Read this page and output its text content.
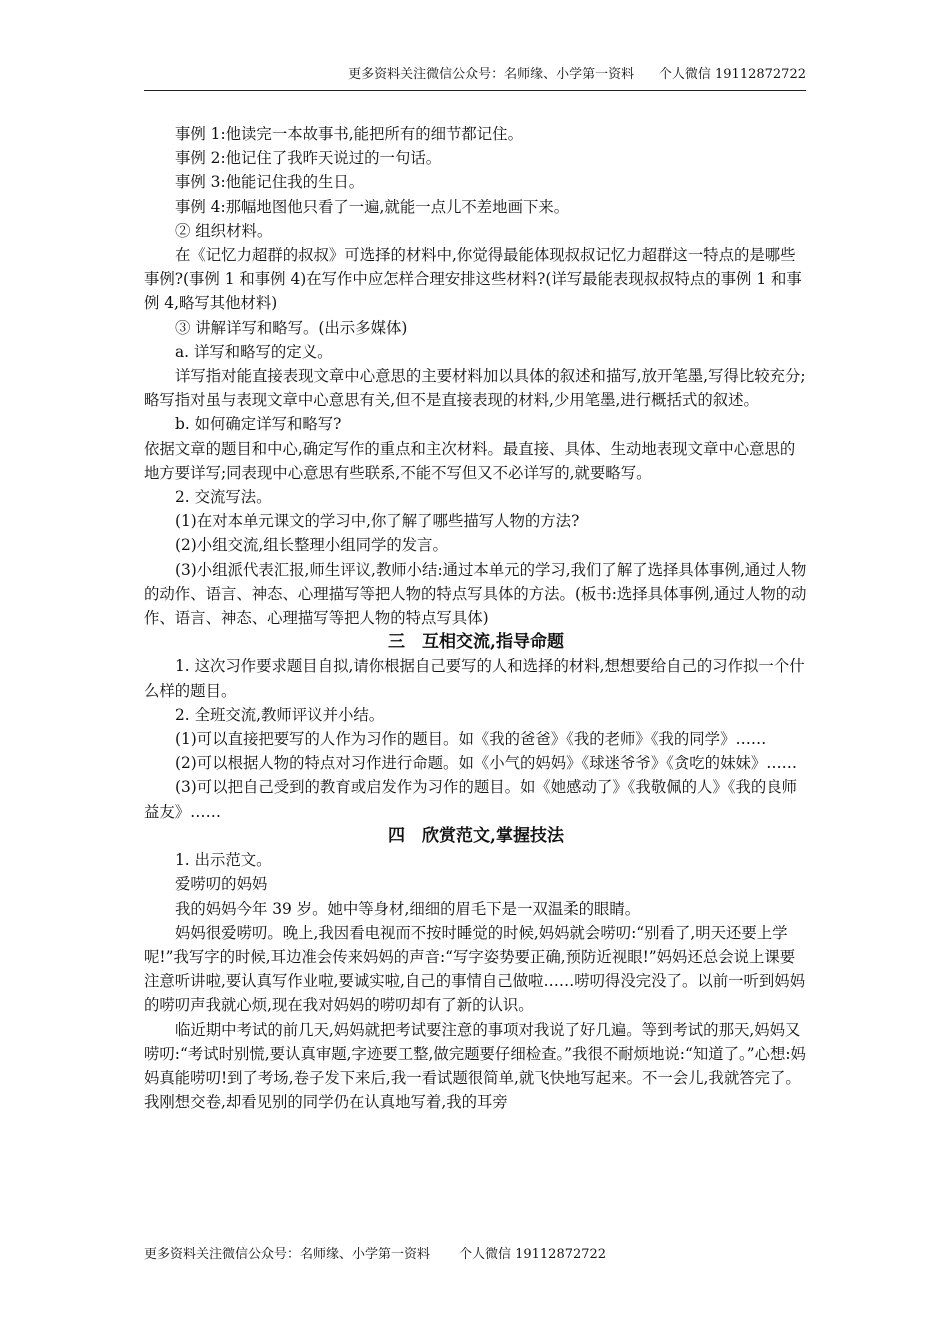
更多资料关注微信公众号：名师缘、小学第一资料 个人微信 19112872722

事例 1:他读完一本故事书,能把所有的细节都记住。

事例 2:他记住了我昨天说过的一句话。

事例 3:他能记住我的生日。

事例 4:那幅地图他只看了一遍,就能一点儿不差地画下来。

② 组织材料。

在《记忆力超群的叔叔》可选择的材料中,你觉得最能体现叔叔记忆力超群这一特点的是哪些事例?(事例 1 和事例 4)在写作中应怎样合理安排这些材料?(详写最能表现叔叔特点的事例 1 和事例 4,略写其他材料)

③ 讲解详写和略写。(出示多媒体)

a. 详写和略写的定义。

详写指对能直接表现文章中心意思的主要材料加以具体的叙述和描写,放开笔墨,写得比较充分;略写指对虽与表现文章中心意思有关,但不是直接表现的材料,少用笔墨,进行概括式的叙述。

b. 如何确定详写和略写?

依据文章的题目和中心,确定写作的重点和主次材料。最直接、具体、生动地表现文章中心意思的地方要详写;同表现中心意思有些联系,不能不写但又不必详写的,就要略写。

2. 交流写法。

(1)在对本单元课文的学习中,你了解了哪些描写人物的方法?

(2)小组交流,组长整理小组同学的发言。

(3)小组派代表汇报,师生评议,教师小结:通过本单元的学习,我们了解了选择具体事例,通过人物的动作、语言、神态、心理描写等把人物的特点写具体的方法。(板书:选择具体事例,通过人物的动作、语言、神态、心理描写等把人物的特点写具体)

三　互相交流,指导命题

1. 这次习作要求题目自拟,请你根据自己要写的人和选择的材料,想想要给自己的习作拟一个什么样的题目。

2. 全班交流,教师评议并小结。

(1)可以直接把要写的人作为习作的题目。如《我的爸爸》《我的老师》《我的同学》……

(2)可以根据人物的特点对习作进行命题。如《小气的妈妈》《球迷爷爷》《贪吃的妹妹》……

(3)可以把自己受到的教育或启发作为习作的题目。如《她感动了》《我敬佩的人》《我的良师益友》……

四　欣赏范文,掌握技法

1. 出示范文。

爱唠叨的妈妈

我的妈妈今年 39 岁。她中等身材,细细的眉毛下是一双温柔的眼睛。

妈妈很爱唠叨。晚上,我因看电视而不按时睡觉的时候,妈妈就会唠叨:“别看了,明天还要上学呢!”我写字的时候,耳边准会传来妈妈的声音:“写字姿势要正确,预防近视眼!”妈妈还总会说上课要注意听讲啦,要认真写作业啦,要诚实啦,自己的事情自己做啦……唠叨得没完没了。以前一听到妈妈的唠叨声我就心烦,现在我对妈妈的唠叨却有了新的认识。

临近期中考试的前几天,妈妈就把考试要注意的事项对我说了好几遍。等到考试的那天,妈妈又唠叨:“考试时别慌,要认真审题,字迹要工整,做完题要仔细检查。”我很不耐烦地说:“知道了。”心想:妈妈真能唠叨!到了考场,卷子发下来后,我一看试题很简单,就飞快地写起来。不一会儿,我就答完了。我刚想交卷,却看见别的同学仍在认真地写着,我的耳旁

更多资料关注微信公众号：名师缘、小学第一资料 个人微信 19112872722
